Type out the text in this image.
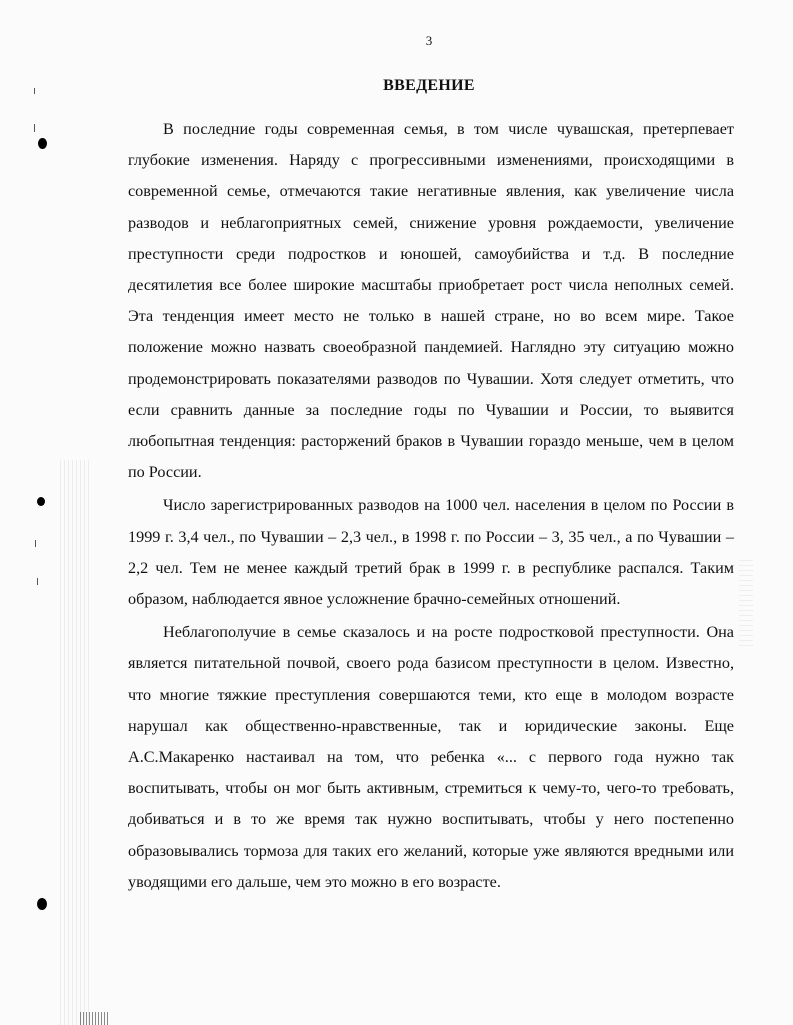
3
ВВЕДЕНИЕ

В последние годы современная семья, в том числе чувашская, претерпевает глубокие изменения. Наряду с прогрессивными изменениями, происходящими в современной семье, отмечаются такие негативные явления, как увеличение числа разводов и неблагоприятных семей, снижение уровня рождаемости, увеличение преступности среди подростков и юношей, самоубийства и т.д. В последние десятилетия все более широкие масштабы приобретает рост числа неполных семей. Эта тенденция имеет место не только в нашей стране, но во всем мире. Такое положение можно назвать своеобразной пандемией. Наглядно эту ситуацию можно продемонстрировать показателями разводов по Чувашии. Хотя следует отметить, что если сравнить данные за последние годы по Чувашии и России, то выявится любопытная тенденция: расторжений браков в Чувашии гораздо меньше, чем в целом по России.

Число зарегистрированных разводов на 1000 чел. населения в целом по России в 1999 г. 3,4 чел., по Чувашии – 2,3 чел., в 1998 г. по России – 3, 35 чел., а по Чувашии – 2,2 чел. Тем не менее каждый третий брак в 1999 г. в республике распался. Таким образом, наблюдается явное усложнение брачно-семейных отношений.

Неблагополучие в семье сказалось и на росте подростковой преступности. Она является питательной почвой, своего рода базисом преступности в целом. Известно, что многие тяжкие преступления совершаются теми, кто еще в молодом возрасте нарушал как общественно-нравственные, так и юридические законы. Еще А.С.Макаренко настаивал на том, что ребенка «... с первого года нужно так воспитывать, чтобы он мог быть активным, стремиться к чему-то, чего-то требовать, добиваться и в то же время так нужно воспитывать, чтобы у него постепенно образовывались тормоза для таких его желаний, которые уже являются вредными или уводящими его дальше, чем это можно в его возрасте.
